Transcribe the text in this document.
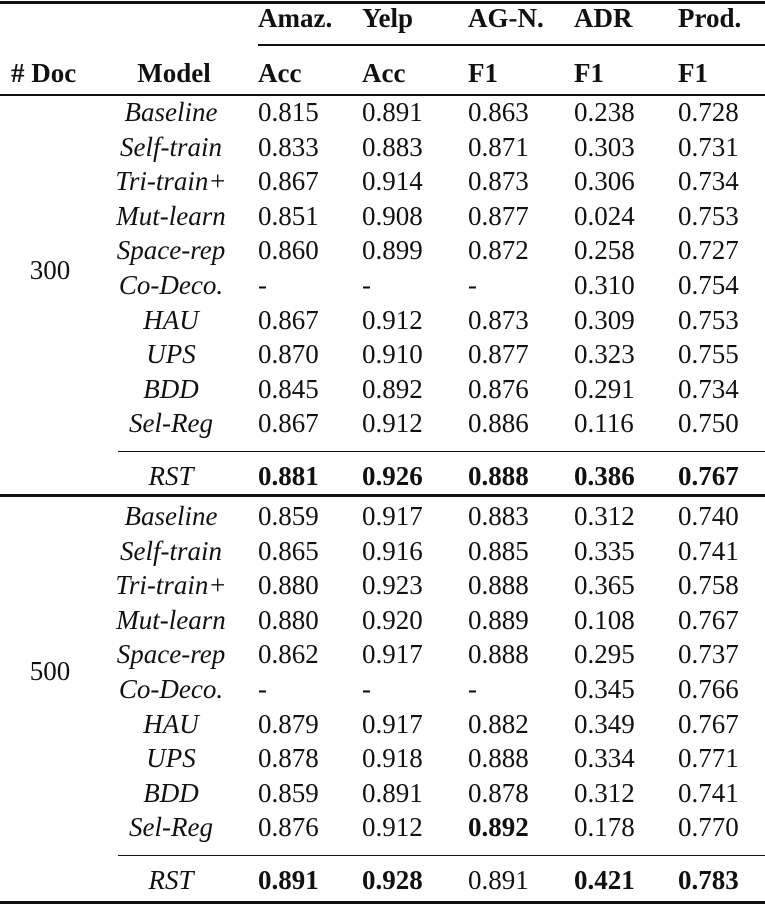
Amaz. Yelp AG-N. ADR Prod.
# Doc Model Acc Acc F1	F1	F1
300
Baseline 0.815 0.891 0.863 0.238 0.728
Self-train 0.833 0.883 0.871 0.303 0.731
Tri-train+ 0.867 0.914 0.873 0.306 0.734
Mut-learn 0.851 0.908 0.877 0.024 0.753
Space-rep 0.860 0.899 0.872 0.258 0.727
Co-Deco. -	-	-	0.310 0.754
HAU 0.867 0.912 0.873 0.309 0.753
UPS 0.870 0.910 0.877 0.323 0.755
BDD 0.845 0.892 0.876 0.291 0.734
Sel-Reg 0.867 0.912 0.886 0.116 0.750
RST 0.881 0.926 0.888 0.386 0.767
500
Baseline 0.859 0.917 0.883 0.312 0.740
Self-train 0.865 0.916 0.885 0.335 0.741
Tri-train+ 0.880 0.923 0.888 0.365 0.758
Mut-learn 0.880 0.920 0.889 0.108 0.767
Space-rep 0.862 0.917 0.888 0.295 0.737
Co-Deco. -	-	-	0.345 0.766
HAU 0.879 0.917 0.882 0.349 0.767
UPS 0.878 0.918 0.888 0.334 0.771
BDD 0.859 0.891 0.878 0.312 0.741
Sel-Reg 0.876 0.912 0.892 0.178 0.770
RST 0.891 0.928 0.891 0.421 0.783
